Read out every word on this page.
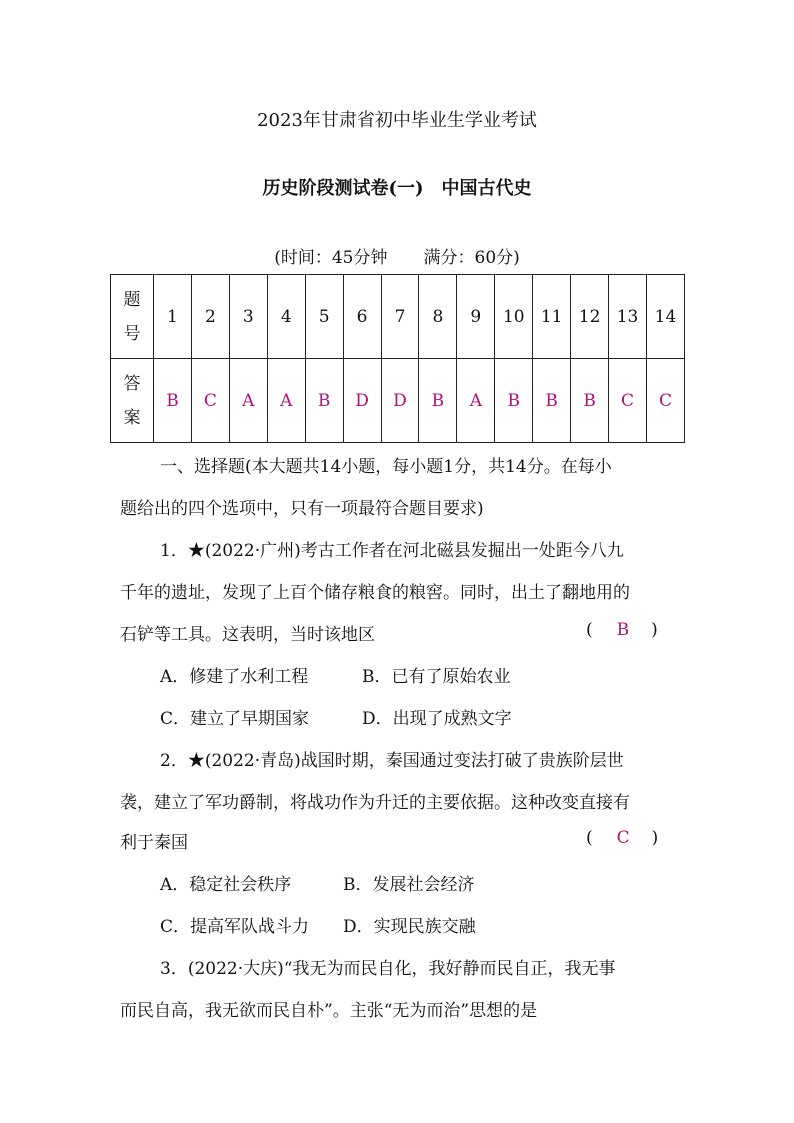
2023年甘肃省初中毕业生学业考试
历史阶段测试卷(一)　中国古代史
(时间：45分钟 满分：60分)
题
号	1	2	3	4	5	6	7	8	9	10	11	12	13	14
答
案	B	C	A	A	B	D	D	B	A	B	B	B	C	C
一、选择题(本大题共14小题，每小题1分，共14分。在每小
题给出的四个选项中，只有一项最符合题目要求)
1．★(2022·广州)考古工作者在河北磁县发掘出一处距今八九
千年的遗址，发现了上百个储存粮食的粮窖。同时，出土了翻地用的
石铲等工具。这表明，当时该地区	( B )
A．修建了水利工程	B．已有了原始农业
C．建立了早期国家	D．出现了成熟文字
2．★(2022·青岛)战国时期，秦国通过变法打破了贵族阶层世
袭，建立了军功爵制，将战功作为升迁的主要依据。这种改变直接有
利于秦国	( C )
A．稳定社会秩序	B．发展社会经济
C．提高军队战斗力 D．实现民族交融
3．(2022·大庆)“我无为而民自化，我好静而民自正，我无事
而民自高，我无欲而民自朴”。主张“无为而治”思想的是
